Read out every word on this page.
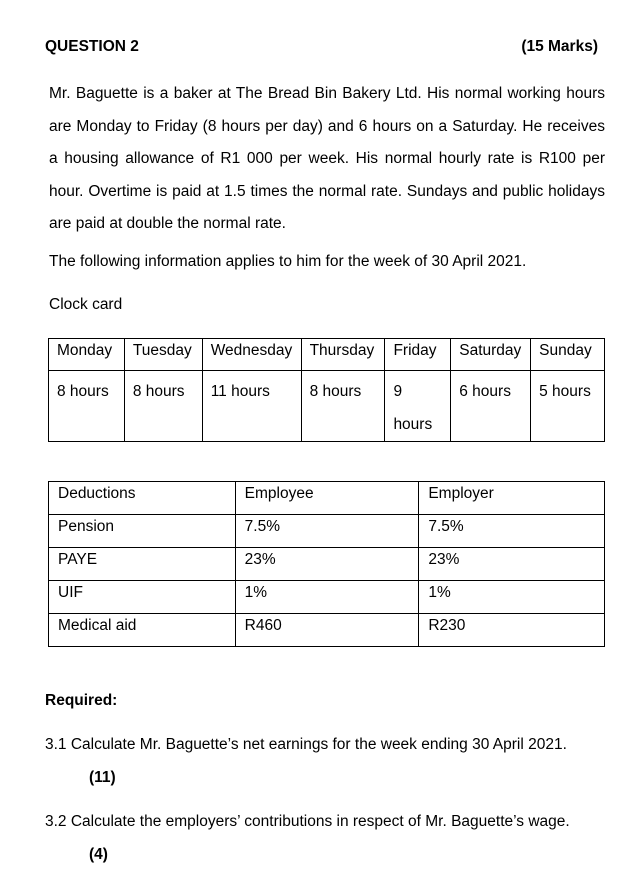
QUESTION 2	(15 Marks)
Mr. Baguette is a baker at The Bread Bin Bakery Ltd. His normal working hours
are Monday to Friday (8 hours per day) and 6 hours on a Saturday. He receives
a housing allowance of R1 000 per week. His normal hourly rate is R100 per
hour. Overtime is paid at 1.5 times the normal rate. Sundays and public holidays
are paid at double the normal rate.
The following information applies to him for the week of 30 April 2021.
Clock card
Monday	Tuesday	Wednesday	Thursday	Friday	Saturday	Sunday

8 hours	8 hours	11 hours	8 hours	9 hours	6 hours	5 hours
Deductions	Employee	Employer

Pension	7.5%	7.5%

PAYE	23%	23%

UIF	1%	1%

Medical aid	R460	R230
Required:
3.1 Calculate Mr. Baguette’s net earnings for the week ending 30 April 2021.
(11)
3.2 Calculate the employers’ contributions in respect of Mr. Baguette’s wage.
(4)
